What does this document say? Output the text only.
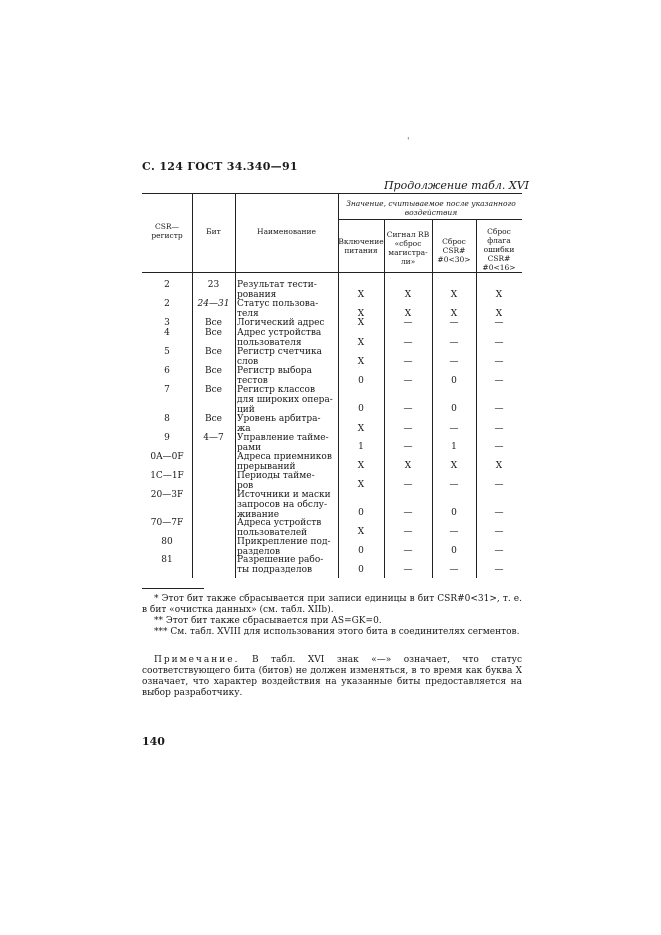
'
С. 124 ГОСТ 34.340—91
Продолжение табл. XVI
CSR—
регистр	Бит	Наименование
Значение, считываемое после указанного
воздействия
Включение
питания
Сигнал RB
«сброс
магистра-
ли»
Сброс
CSR#
#0<30>
Сброс
флага
ошибки
CSR#
#0<16>
2	23	Результат тести-
рования	X	X	X	X
2	24—31 Статус пользова-
теля	X	X	X	X
3	Все	Логический адрес	X	—	—	—
4	Все	Адрес устройства
пользователя	X	—	—	—
5	Все	Регистр счетчика
слов	X	—	—	—
6	Все	Регистр выбора
тестов	0	—	0	—
7	Все	Регистр классов
для широких опера-
ций	0	—	0	—
8	Все	Уровень арбитра-
жа	X	—	—	—
9	4—7	Управление таймe-
рами	1	—	1	—
0A—0F	Адреса приемников
прерываний	X	X	X	X
1C—1F	Периоды тайме-
ров	X	—	—	—
20—3F	Источники и маски
запросов на обслу-
живание	0	—	0	—
70—7F	Адреса устройств
пользователей	X	—	—	—
80	Прикрепление под-
разделов	0	—	0	—
81	Разрешение рабо-
ты подразделов	0	—	—	—
* Этот бит также сбрасывается при записи единицы в бит CSR#0<31>, т. е. в бит «очистка данных» (см. табл. XIIb).
** Этот бит также сбрасывается при AS=GK=0.
*** См. табл. XVIII для использования этого бита в соединителях сегментов.
Примечание. В табл. XVI знак «—» означает, что статус соответствующего бита (битов) не должен изменяться, в то время как буква X означает, что характер воздействия на указанные биты предоставляется на выбор разработчику.
140
